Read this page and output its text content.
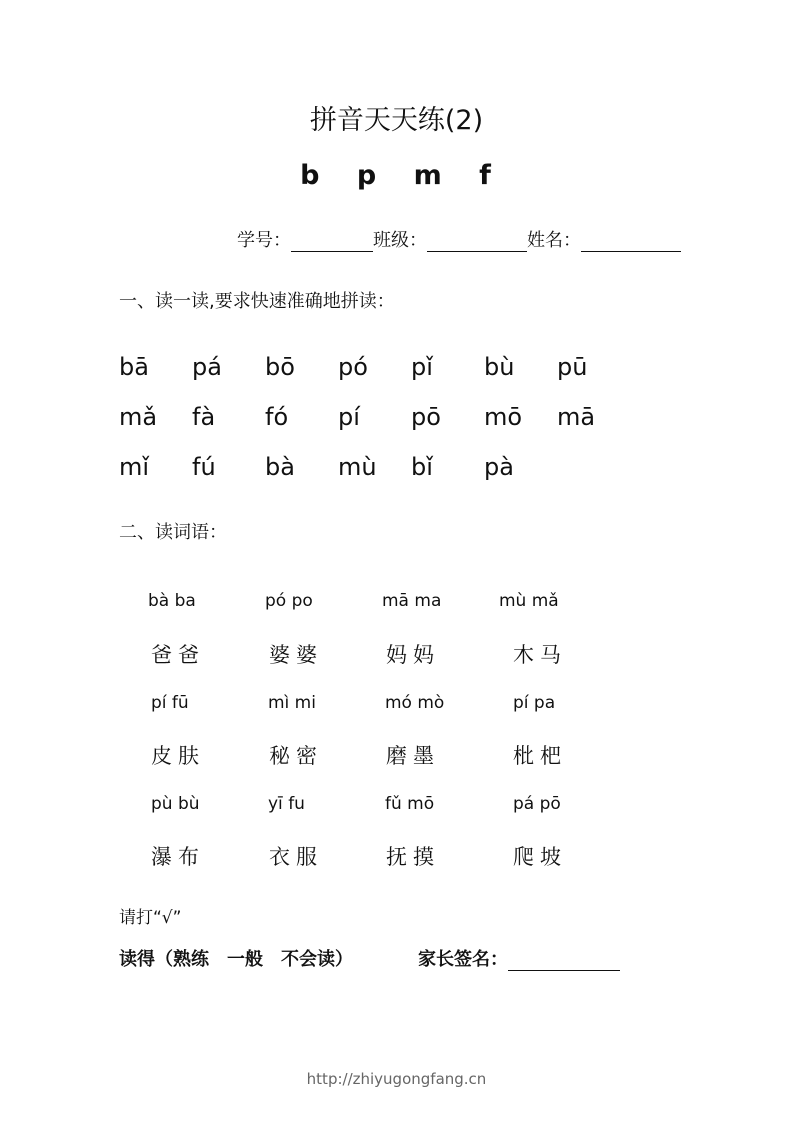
拼音天天练(2)
b p m f
学号：	班级：	姓名：
一、读一读,要求快速准确地拼读：
bā	pá	bō	pó	pǐ	bù	pū
mǎ	fà	fó	pí	pō	mō	mā
mǐ	fú	bà	mù	bǐ	pà
二、读词语：
bà ba	pó po	mā ma	mù mǎ
爸爸	婆婆	妈妈	木马
pí fū	mì mi	mó mò	pí pa
皮肤	秘密	磨墨	枇杷
pù bù	yī fu	fǔ mō	pá pō
瀑布	衣服	抚摸	爬坡
请打“√”
读得（熟练　一般　不会读）	家长签名：
http://zhiyugongfang.cn
